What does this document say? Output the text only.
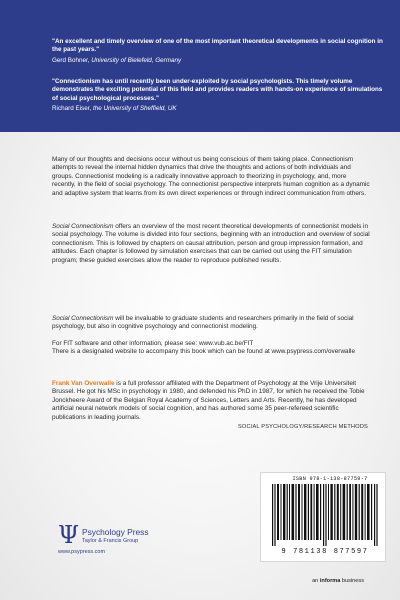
"An excellent and timely overview of one of the most important theoretical developments in social cognition in the past years."
Gerd Bohner, University of Bielefeld, Germany
"Connectionism has until recently been under-exploited by social psychologists. This timely volume demonstrates the exciting potential of this field and provides readers with hands-on experience of simulations of social psychological processes."
Richard Eiser, the University of Sheffield, UK
Many of our thoughts and decisions occur without us being conscious of them taking place. Connectionism attempts to reveal the internal hidden dynamics that drive the thoughts and actions of both individuals and groups. Connectionist modeling is a radically innovative approach to theorizing in psychology, and, more recently, in the field of social psychology. The connectionist perspective interprets human cognition as a dynamic and adaptive system that learns from its own direct experiences or through indirect communication from others.
Social Connectionism offers an overview of the most recent theoretical developments of connectionist models in social psychology. The volume is divided into four sections, beginning with an introduction and overview of social connectionism. This is followed by chapters on causal attribution, person and group impression formation, and attitudes. Each chapter is followed by simulation exercises that can be carried out using the FIT simulation program; these guided exercises allow the reader to reproduce published results.
Social Connectionism will be invaluable to graduate students and researchers primarily in the field of social psychology, but also in cognitive psychology and connectionist modeling.
For FIT software and other information, please see: www.vub.ac.be/FIT
There is a designated website to accompany this book which can be found at www.psypress.com/overwalle
Frank Van Overwalle is a full professor affiliated with the Department of Psychology at the Vrije Universiteit Brussel. He got his MSc in psychology in 1980, and defended his PhD in 1987, for which he received the Tobie Jonckheere Award of the Belgian Royal Academy of Sciences, Letters and Arts. Recently, he has developed artificial neural network models of social cognition, and has authored some 35 peer-refereed scientific publications in leading journals.
SOCIAL PSYCHOLOGY/RESEARCH METHODS
ISBN 978-1-138-87759-7
9 781138 877597
Ψ Psychology Press
Taylor & Francis Group
www.psypress.com
an informa business
